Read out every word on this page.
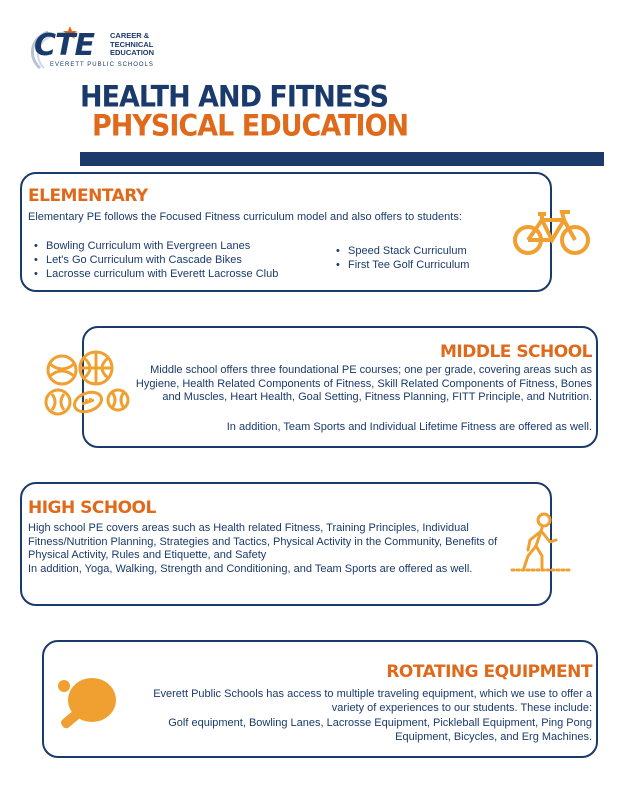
CTE CAREER &
TECHNICAL
EDUCATION
EVERETT PUBLIC SCHOOLS
HEALTH AND FITNESS
PHYSICAL EDUCATION
ELEMENTARY
Elementary PE follows the Focused Fitness curriculum model and also offers to students:
• Bowling Curriculum with Evergreen Lanes
• Let's Go Curriculum with Cascade Bikes
• Lacrosse curriculum with Everett Lacrosse Club
• Speed Stack Curriculum
• First Tee Golf Curriculum
MIDDLE SCHOOL
Middle school offers three foundational PE courses; one per grade, covering areas such as Hygiene, Health Related Components of Fitness, Skill Related Components of Fitness, Bones and Muscles, Heart Health, Goal Setting, Fitness Planning, FITT Principle, and Nutrition.
In addition, Team Sports and Individual Lifetime Fitness are offered as well.
HIGH SCHOOL
High school PE covers areas such as Health related Fitness, Training Principles, Individual Fitness/Nutrition Planning, Strategies and Tactics, Physical Activity in the Community, Benefits of Physical Activity, Rules and Etiquette, and Safety
In addition, Yoga, Walking, Strength and Conditioning, and Team Sports are offered as well.
ROTATING EQUIPMENT
Everett Public Schools has access to multiple traveling equipment, which we use to offer a variety of experiences to our students. These include:
Golf equipment, Bowling Lanes, Lacrosse Equipment, Pickleball Equipment, Ping Pong Equipment, Bicycles, and Erg Machines.
